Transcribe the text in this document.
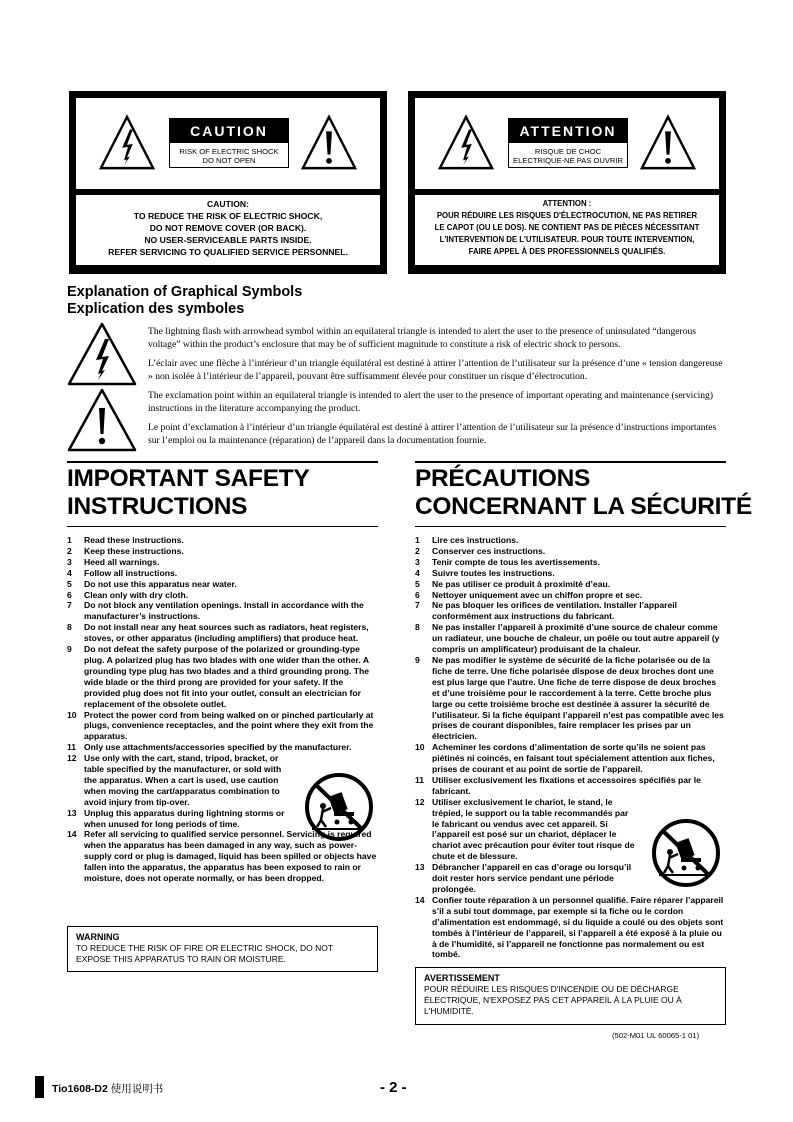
CAUTION
RISK OF ELECTRIC SHOCK
DO NOT OPEN
CAUTION:
TO REDUCE THE RISK OF ELECTRIC SHOCK,
DO NOT REMOVE COVER (OR BACK).
NO USER-SERVICEABLE PARTS INSIDE.
REFER SERVICING TO QUALIFIED SERVICE PERSONNEL.
ATTENTION
RISQUE DE CHOC
ELECTRIQUE-NE PAS OUVRIR
ATTENTION :
POUR RÉDUIRE LES RISQUES D'ÉLECTROCUTION, NE PAS RETIRER
LE CAPOT (OU LE DOS). NE CONTIENT PAS DE PIÈCES NÉCESSITANT
L'INTERVENTION DE L'UTILISATEUR. POUR TOUTE INTERVENTION,
FAIRE APPEL À DES PROFESSIONNELS QUALIFIÉS.
Explanation of Graphical Symbols
Explication des symboles

The lightning flash with arrowhead symbol within an equilateral triangle is intended to alert the user to the presence of uninsulated “dangerous voltage” within the product’s enclosure that may be of sufficient magnitude to constitute a risk of electric shock to persons.

L’éclair avec une flèche à l’intérieur d’un triangle équilatéral est destiné à attirer l’attention de l’utilisateur sur la présence d’une « tension dangereuse » non isolée à l’intérieur de l’appareil, pouvant être suffisamment élevée pour constituer un risque d’électrocution.

The exclamation point within an equilateral triangle is intended to alert the user to the presence of important operating and maintenance (servicing) instructions in the literature accompanying the product.

Le point d’exclamation à l’intérieur d’un triangle équilatéral est destiné à attirer l’attention de l’utilisateur sur la présence d’instructions importantes sur l’emploi ou la maintenance (réparation) de l’appareil dans la documentation fournie.

IMPORTANT SAFETY
INSTRUCTIONS
1 Read these instructions.
2 Keep these instructions.
3 Heed all warnings.
4 Follow all instructions.
5 Do not use this apparatus near water.
6 Clean only with dry cloth.
7 Do not block any ventilation openings. Install in accordance with the manufacturer’s instructions.
8 Do not install near any heat sources such as radiators, heat registers, stoves, or other apparatus (including amplifiers) that produce heat.
9 Do not defeat the safety purpose of the polarized or grounding-type plug. A polarized plug has two blades with one wider than the other. A grounding type plug has two blades and a third grounding prong. The wide blade or the third prong are provided for your safety. If the provided plug does not fit into your outlet, consult an electrician for replacement of the obsolete outlet.
10 Protect the power cord from being walked on or pinched particularly at plugs, convenience receptacles, and the point where they exit from the apparatus.
11 Only use attachments/accessories specified by the manufacturer.
12 Use only with the cart, stand, tripod, bracket, or table specified by the manufacturer, or sold with the apparatus. When a cart is used, use caution when moving the cart/apparatus combination to avoid injury from tip-over.
13 Unplug this apparatus during lightning storms or when unused for long periods of time.
14 Refer all servicing to qualified service personnel. Servicing is required when the apparatus has been damaged in any way, such as power-supply cord or plug is damaged, liquid has been spilled or objects have fallen into the apparatus, the apparatus has been exposed to rain or moisture, does not operate normally, or has been dropped.
WARNING
TO REDUCE THE RISK OF FIRE OR ELECTRIC SHOCK, DO NOT EXPOSE THIS APPARATUS TO RAIN OR MOISTURE.
PRÉCAUTIONS
CONCERNANT LA SÉCURITÉ
1 Lire ces instructions.
2 Conserver ces instructions.
3 Tenir compte de tous les avertissements.
4 Suivre toutes les instructions.
5 Ne pas utiliser ce produit à proximité d’eau.
6 Nettoyer uniquement avec un chiffon propre et sec.
7 Ne pas bloquer les orifices de ventilation. Installer l’appareil conformément aux instructions du fabricant.
8 Ne pas installer l’appareil à proximité d’une source de chaleur comme un radiateur, une bouche de chaleur, un poêle ou tout autre appareil (y compris un amplificateur) produisant de la chaleur.
9 Ne pas modifier le système de sécurité de la fiche polarisée ou de la fiche de terre. Une fiche polarisée dispose de deux broches dont une est plus large que l’autre. Une fiche de terre dispose de deux broches et d’une troisième pour le raccordement à la terre. Cette broche plus large ou cette troisième broche est destinée à assurer la sécurité de l’utilisateur. Si la fiche équipant l’appareil n’est pas compatible avec les prises de courant disponibles, faire remplacer les prises par un électricien.
10 Acheminer les cordons d’alimentation de sorte qu’ils ne soient pas piétinés ni coincés, en faisant tout spécialement attention aux fiches, prises de courant et au point de sortie de l’appareil.
11 Utiliser exclusivement les fixations et accessoires spécifiés par le fabricant.
12 Utiliser exclusivement le chariot, le stand, le trépied, le support ou la table recommandés par le fabricant ou vendus avec cet appareil. Si l’appareil est posé sur un chariot, déplacer le chariot avec précaution pour éviter tout risque de chute et de blessure.
13 Débrancher l’appareil en cas d’orage ou lorsqu’il doit rester hors service pendant une période prolongée.
14 Confier toute réparation à un personnel qualifié. Faire réparer l’appareil s’il a subi tout dommage, par exemple si la fiche ou le cordon d’alimentation est endommagé, si du liquide a coulé ou des objets sont tombés à l’intérieur de l’appareil, si l’appareil a été exposé à la pluie ou à de l’humidité, si l’appareil ne fonctionne pas normalement ou est tombé.
AVERTISSEMENT
POUR RÉDUIRE LES RISQUES D'INCENDIE OU DE DÉCHARGE ÉLECTRIQUE, N'EXPOSEZ PAS CET APPAREIL À LA PLUIE OU À L'HUMIDITÉ.
(502-M01 UL 60065-1 01)
Tio1608-D2 使用说明书	- 2 -
